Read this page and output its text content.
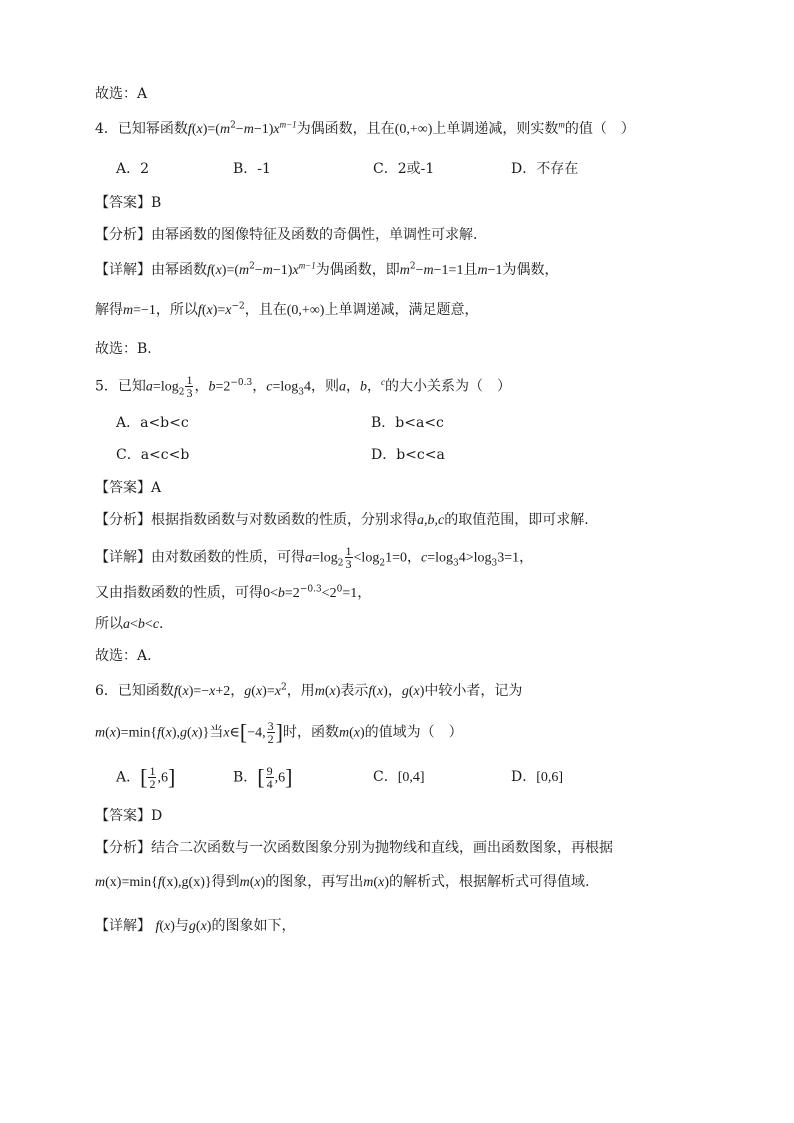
故选：A
4．已知幂函数$f(x)=(m^2-m-1)x^{m-1}$为偶函数，且在(0,+∞)上单调递减，则实数$^m$的值（　）
A．2	B．-1	C．2或-1	D．不存在
【答案】B
【分析】由幂函数的图像特征及函数的奇偶性，单调性可求解.
【详解】由幂函数$f(x)=(m^2-m-1)x^{m-1}$为偶函数，即$m^2-m-1=1$且m−1为偶数，
解得m=−1，所以$f(x)=x^{-2}$，且在(0,+∞)上单调递减，满足题意，
故选：B.
5．已知$a=\log_2 \frac{1}{3}$ ，$b=2^{-0.3}$，$c=\log_34$，则a，b，$^c$的大小关系为（　）
A．a<b<c	B．b<a<c
C．a<c<b	D．b<c<a
【答案】A
【分析】根据指数函数与对数函数的性质，分别求得a,b,c的取值范围，即可求解.
【详解】由对数函数的性质，可得$a=\log_2 \frac{1}{3} <\log_21=0$，$c=\log_34>\log_33=1$，
又由指数函数的性质，可得$0<b=2^{-0.3}<2^0=1$，
所以a<b<c.
故选：A.
6．已知函数f(x)=−x+2，$g(x)=x^2$，用m(x)表示f(x)，g(x)中较小者，记为
m(x)=min{f(x),g(x)}当x∈[−4, $\frac{3}{2}$ ]时，函数m(x)的值域为（　）
A．[ $\frac{1}{2} ,6$]	B．[ $\frac{9}{4} ,6$]	C．[0,4]	D．[0,6]
【答案】D
【分析】结合二次函数与一次函数图象分别为抛物线和直线，画出函数图象，再根据
m(x)=min{f(x),g(x)}得到m(x)的图象，再写出m(x)的解析式，根据解析式可得值域.
【详解】 f(x)与g(x)的图象如下，
